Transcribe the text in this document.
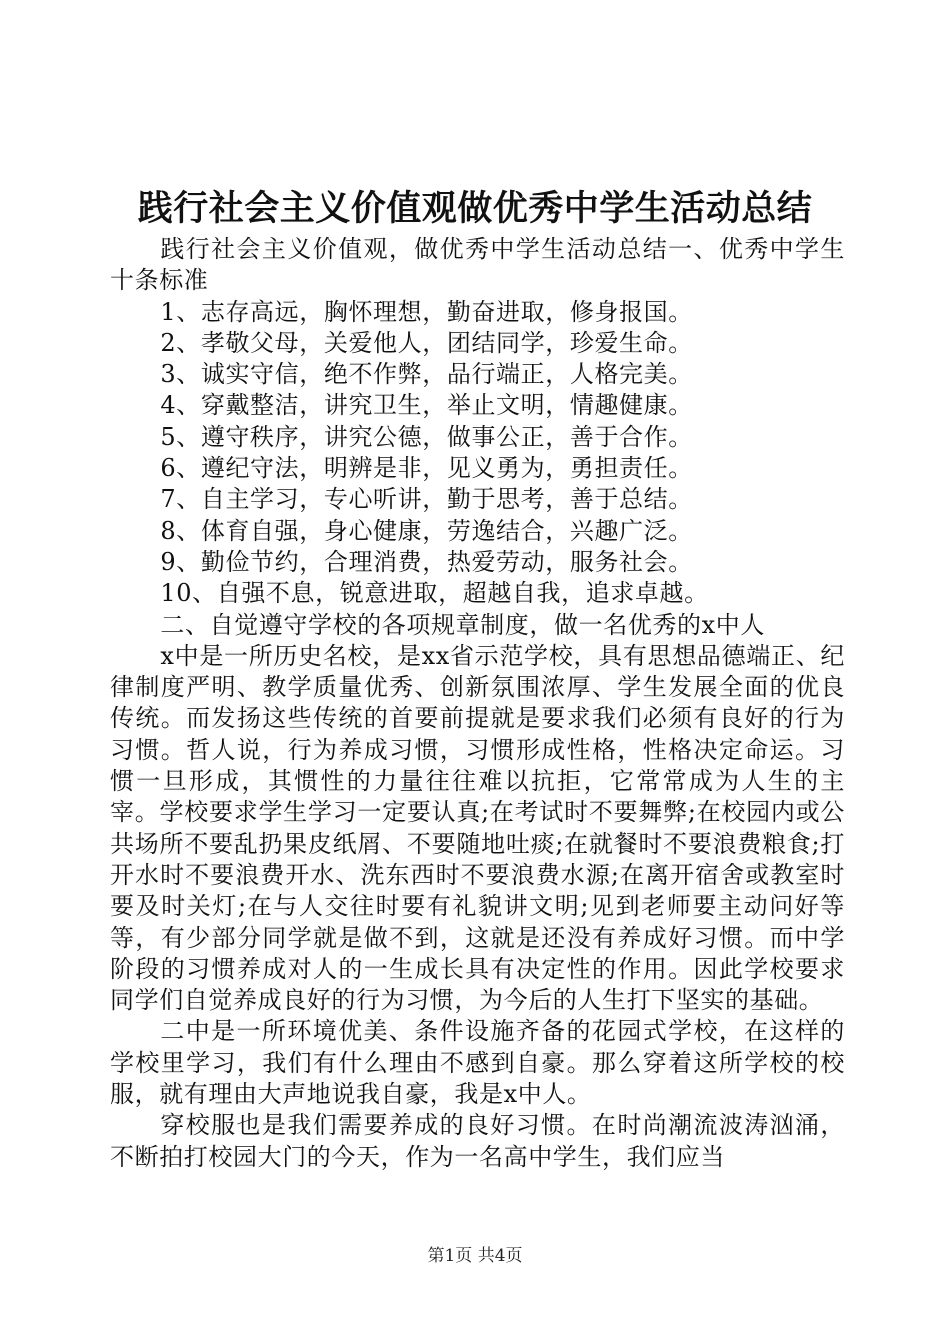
践行社会主义价值观做优秀中学生活动总结

践行社会主义价值观，做优秀中学生活动总结一、优秀中学生十条标准

1、志存高远，胸怀理想，勤奋进取，修身报国。

2、孝敬父母，关爱他人，团结同学，珍爱生命。

3、诚实守信，绝不作弊，品行端正，人格完美。

4、穿戴整洁，讲究卫生，举止文明，情趣健康。

5、遵守秩序，讲究公德，做事公正，善于合作。

6、遵纪守法，明辨是非，见义勇为，勇担责任。

7、自主学习，专心听讲，勤于思考，善于总结。

8、体育自强，身心健康，劳逸结合，兴趣广泛。

9、勤俭节约，合理消费，热爱劳动，服务社会。

10、自强不息，锐意进取，超越自我，追求卓越。

二、自觉遵守学校的各项规章制度，做一名优秀的x中人

x中是一所历史名校，是xx省示范学校，具有思想品德端正、纪律制度严明、教学质量优秀、创新氛围浓厚、学生发展全面的优良传统。而发扬这些传统的首要前提就是要求我们必须有良好的行为习惯。哲人说，行为养成习惯，习惯形成性格，性格决定命运。习惯一旦形成，其惯性的力量往往难以抗拒，它常常成为人生的主宰。学校要求学生学习一定要认真;在考试时不要舞弊;在校园内或公共场所不要乱扔果皮纸屑、不要随地吐痰;在就餐时不要浪费粮食;打开水时不要浪费开水、洗东西时不要浪费水源;在离开宿舍或教室时要及时关灯;在与人交往时要有礼貌讲文明;见到老师要主动问好等等，有少部分同学就是做不到，这就是还没有养成好习惯。而中学阶段的习惯养成对人的一生成长具有决定性的作用。因此学校要求同学们自觉养成良好的行为习惯，为今后的人生打下坚实的基础。

二中是一所环境优美、条件设施齐备的花园式学校，在这样的学校里学习，我们有什么理由不感到自豪。那么穿着这所学校的校服，就有理由大声地说我自豪，我是x中人。

穿校服也是我们需要养成的良好习惯。在时尚潮流波涛汹涌，不断拍打校园大门的今天，作为一名高中学生，我们应当

第1页 共4页
